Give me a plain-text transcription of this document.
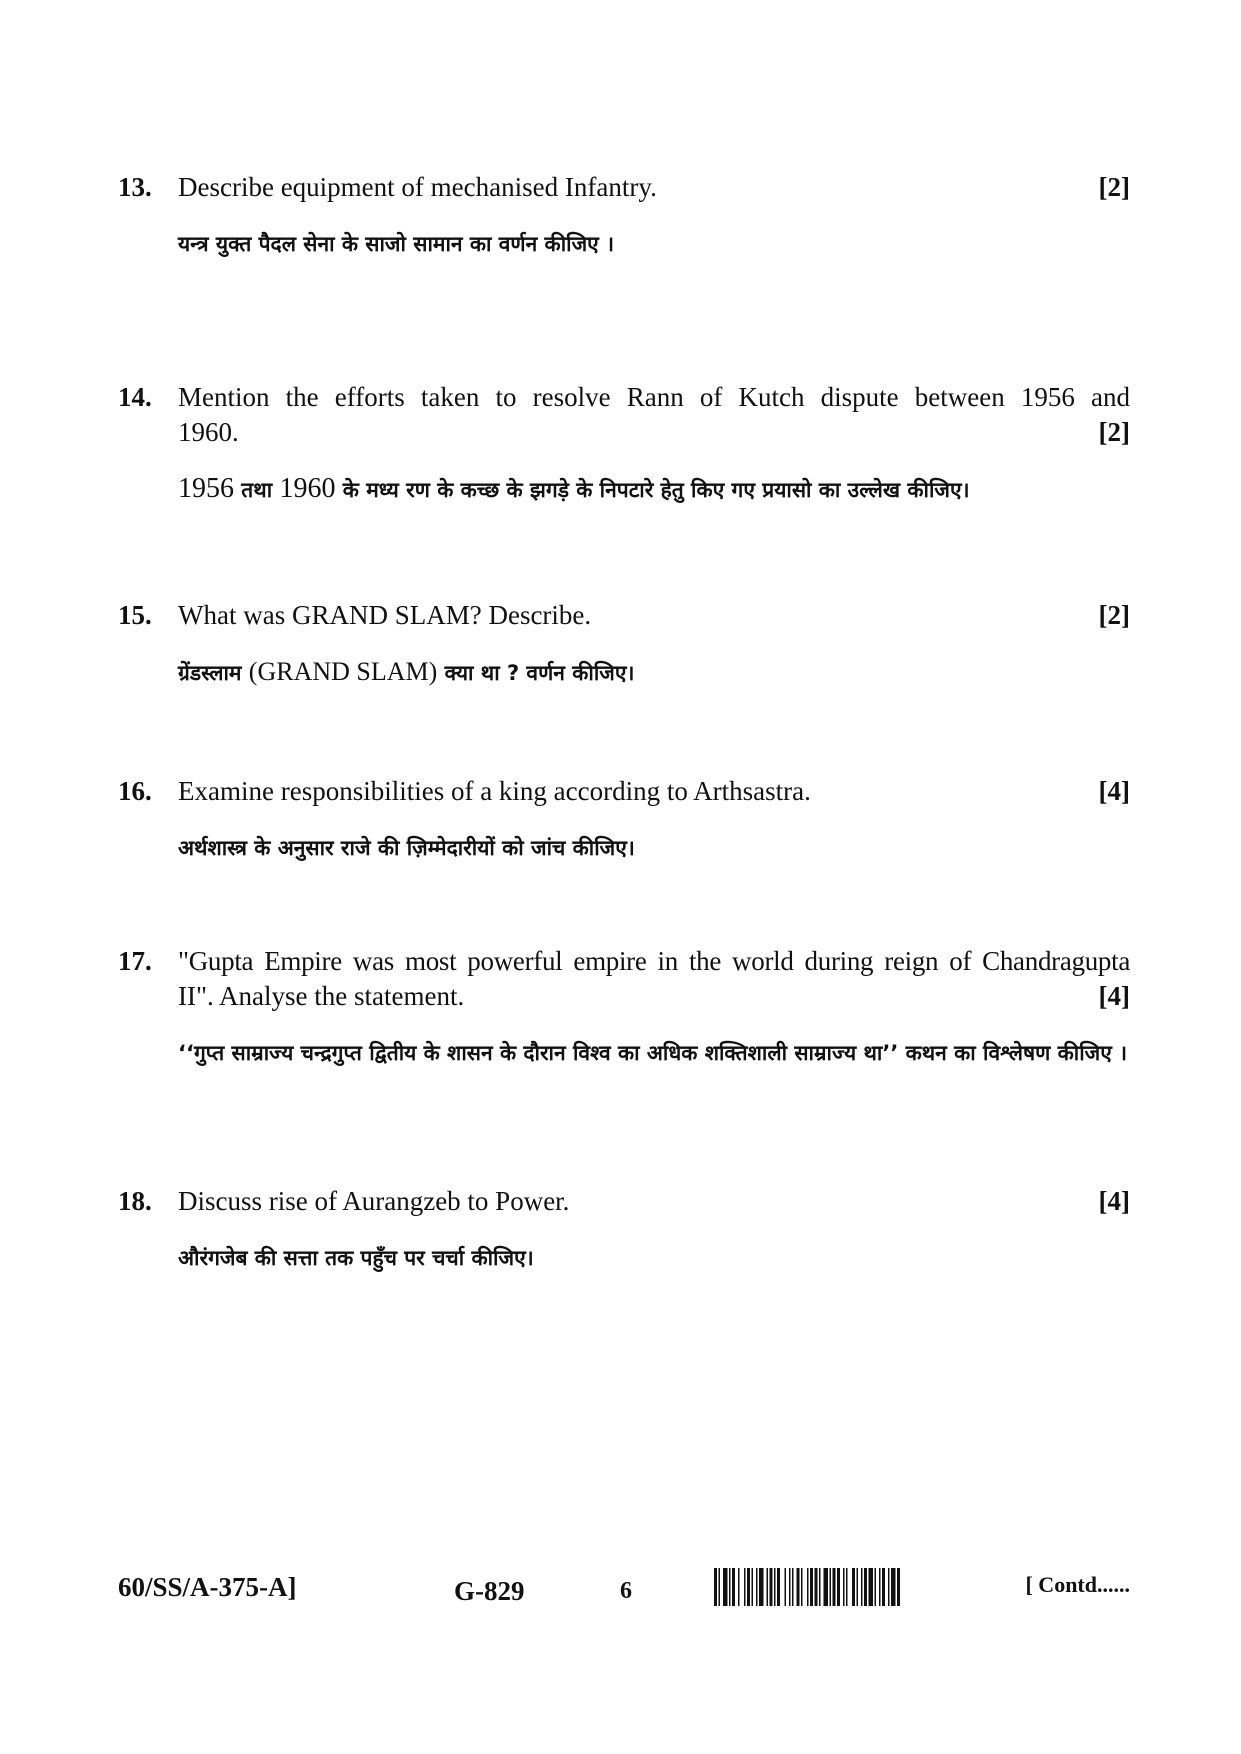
13. Describe equipment of mechanised Infantry.	[2]
यन्त्र युक्त पैदल सेना के साजो सामान का वर्णन कीजिए ।
14. Mention the efforts taken to resolve Rann of Kutch dispute between 1956 and
1960.	[2]
1956 तथा 1960 के मध्य रण के कच्छ के झगड़े के निपटारे हेतु किए गए प्रयासो का उल्लेख कीजिए।
15. What was GRAND SLAM? Describe.	[2]
ग्रेंडस्लाम (GRAND SLAM) क्या था ? वर्णन कीजिए।
16. Examine responsibilities of a king according to Arthsastra.	[4]
अर्थशास्त्र के अनुसार राजे की ज़िम्मेदारीयों को जांच कीजिए।
17. "Gupta Empire was most powerful empire in the world during reign of Chandragupta
II". Analyse the statement.	[4]
‘‘गुप्त साम्राज्य चन्द्रगुप्त द्वितीय के शासन के दौरान विश्व का अधिक शक्तिशाली साम्राज्य था’’ कथन का विश्लेषण कीजिए ।
18. Discuss rise of Aurangzeb to Power.	[4]
औरंगजेब की सत्ता तक पहुँच पर चर्चा कीजिए।
60/SS/A-375-A]	G-829	6	[ Contd......
